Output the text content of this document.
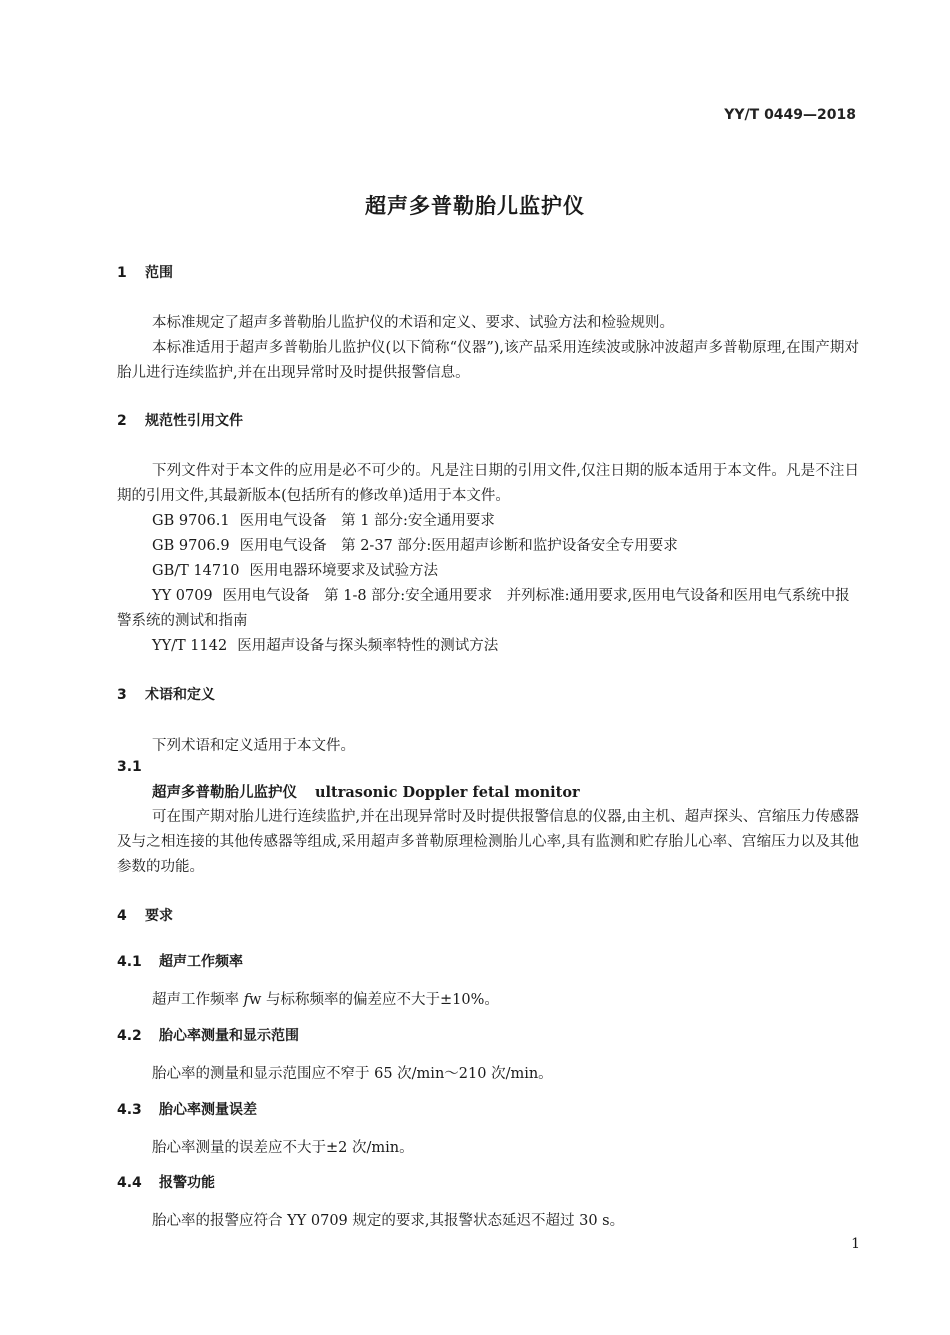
YY/T 0449—2018
超声多普勒胎儿监护仪
1 范围
本标准规定了超声多普勒胎儿监护仪的术语和定义、要求、试验方法和检验规则。
本标准适用于超声多普勒胎儿监护仪(以下简称“仪器”),该产品采用连续波或脉冲波超声多普勒原理,在围产期对胎儿进行连续监护,并在出现异常时及时提供报警信息。
2 规范性引用文件
下列文件对于本文件的应用是必不可少的。凡是注日期的引用文件,仅注日期的版本适用于本文件。凡是不注日期的引用文件,其最新版本(包括所有的修改单)适用于本文件。
GB 9706.1 医用电气设备　第 1 部分:安全通用要求
GB 9706.9 医用电气设备　第 2-37 部分:医用超声诊断和监护设备安全专用要求
GB/T 14710 医用电器环境要求及试验方法
YY 0709 医用电气设备　第 1-8 部分:安全通用要求　并列标准:通用要求,医用电气设备和医用电气系统中报警系统的测试和指南
YY/T 1142 医用超声设备与探头频率特性的测试方法
3 术语和定义
下列术语和定义适用于本文件。
3.1
超声多普勒胎儿监护仪 ultrasonic Doppler fetal monitor
可在围产期对胎儿进行连续监护,并在出现异常时及时提供报警信息的仪器,由主机、超声探头、宫缩压力传感器及与之相连接的其他传感器等组成,采用超声多普勒原理检测胎儿心率,具有监测和贮存胎儿心率、宫缩压力以及其他参数的功能。
4 要求
4.1 超声工作频率
超声工作频率 𝑓w 与标称频率的偏差应不大于±10%。
4.2 胎心率测量和显示范围
胎心率的测量和显示范围应不窄于 65 次/min～210 次/min。
4.3 胎心率测量误差
胎心率测量的误差应不大于±2 次/min。
4.4 报警功能
胎心率的报警应符合 YY 0709 规定的要求,其报警状态延迟不超过 30 s。
1
